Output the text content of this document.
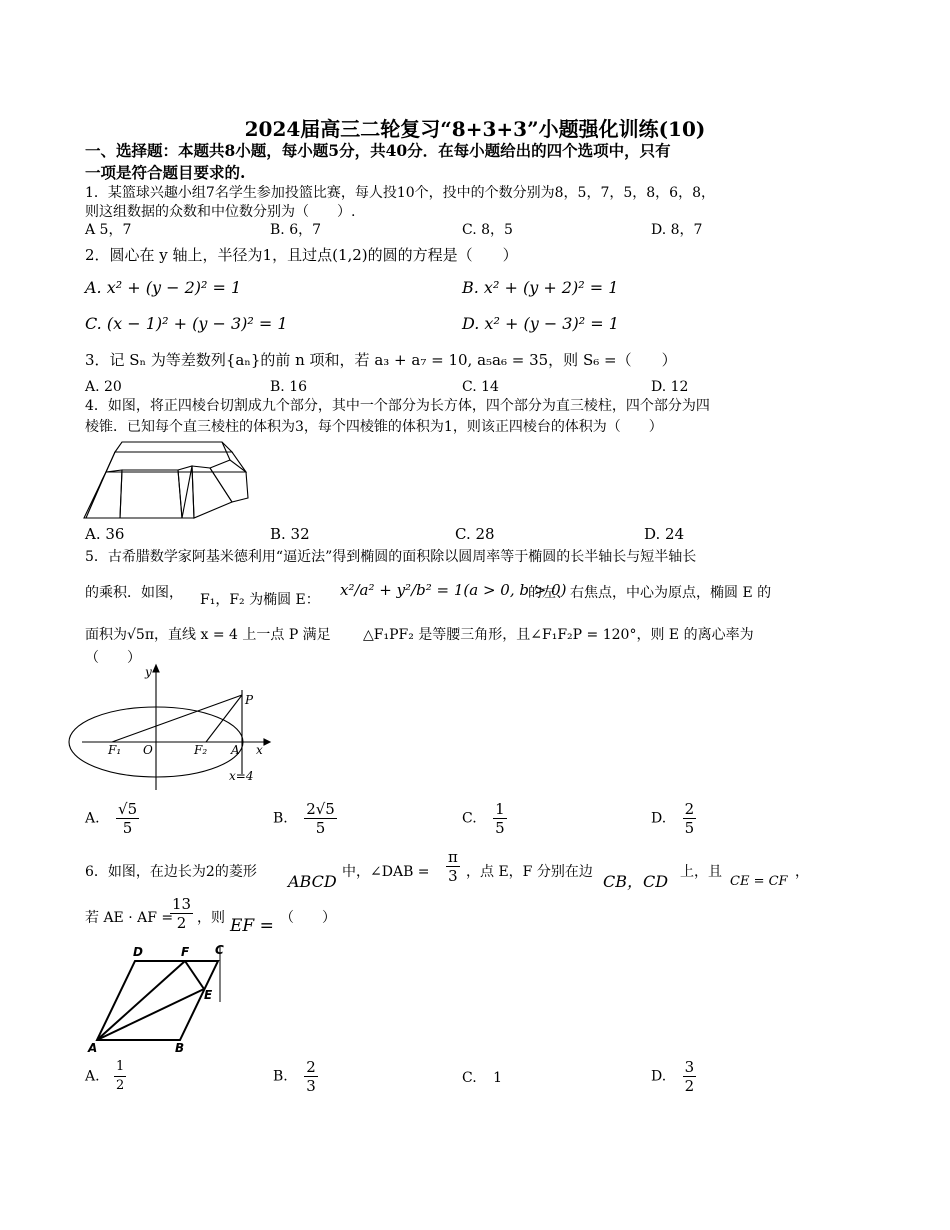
2024届高三二轮复习“8+3+3”小题强化训练(10)
一、选择题：本题共8小题，每小题5分，共40分．在每小题给出的四个选项中，只有
一项是符合题目要求的.
1．某篮球兴趣小组7名学生参加投篮比赛，每人投10个，投中的个数分别为8，5，7，5，8，6，8，
则这组数据的众数和中位数分别为（　　）.
A 5，7	B. 6，7	C. 8，5	D. 8，7
2．圆心在 y 轴上，半径为1，且过点(1,2)的圆的方程是（　　）
A. x² + (y − 2)² = 1	B. x² + (y + 2)² = 1
C. (x − 1)² + (y − 3)² = 1	D. x² + (y − 3)² = 1
3．记 Sₙ 为等差数列{aₙ}的前 n 项和，若 a₃ + a₇ = 10, a₅a₆ = 35，则 S₆ =（　　）
A. 20	B. 16	C. 14	D. 12
4．如图，将正四棱台切割成九个部分，其中一个部分为长方体，四个部分为直三棱柱，四个部分为四
棱锥．已知每个直三棱柱的体积为3，每个四棱锥的体积为1，则该正四棱台的体积为（　　）
A. 36	B. 32	C. 28	D. 24
5．古希腊数学家阿基米德利用“逼近法”得到椭圆的面积除以圆周率等于椭圆的长半轴长与短半轴长
的乘积．如图， F₁，F₂ 为椭圆 E：
x²/a² + y²/b² = 1(a > 0, b > 0)
的左、右焦点，中心为原点，椭圆 E 的
面积为√5π，直线 x = 4 上一点 P 满足 △F₁PF₂ 是等腰三角形，且∠F₁F₂P = 120°，则 E 的离心率为
（　　）
y
P
F₁ O	F₂ A x
x=4
A. $\frac{√5}{5}$	B. $\frac{2√5}{5}$	C. $\frac{1}{5}$	D. $\frac{2}{5}$
6．如图，在边长为2的菱形 ABCD 中，∠DAB = $\frac{\pi}{3}$ ，点 E，F 分别在边 CB，CD 上，且
CE = CF
，
若 AE · AF =
$\frac{13}{2}$ ，则 EF = （　　）
D	F C
E
A	B
A. $\frac{1}{2}$	B. $\frac{2}{3}$	C. 1	D. $\frac{3}{2}$
